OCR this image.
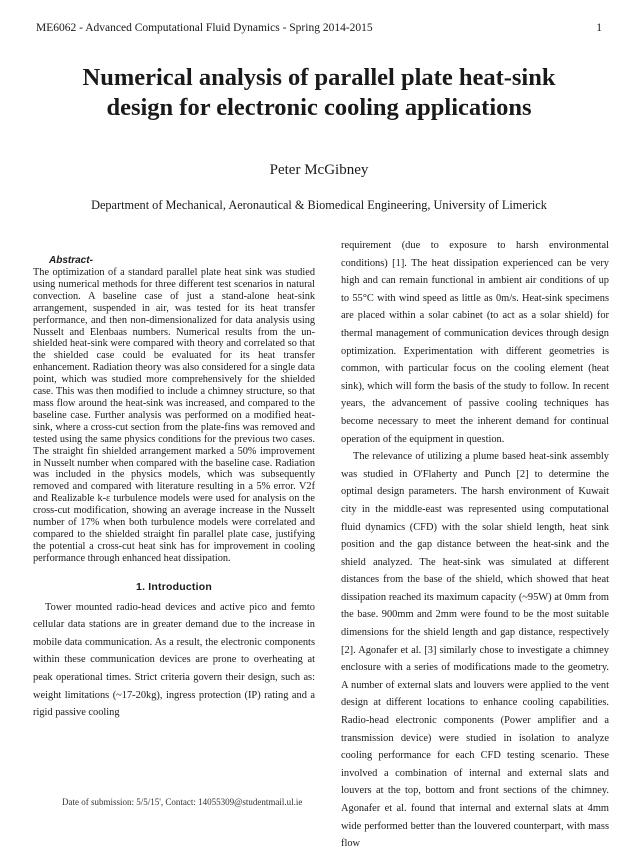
ME6062 - Advanced Computational Fluid Dynamics - Spring 2014-2015	1
Numerical analysis of parallel plate heat-sink design for electronic cooling applications
Peter McGibney
Department of Mechanical, Aeronautical & Biomedical Engineering, University of Limerick
Abstract-

The optimization of a standard parallel plate heat sink was studied using numerical methods for three different test scenarios in natural convection. A baseline case of just a stand-alone heat-sink arrangement, suspended in air, was tested for its heat transfer performance, and then non-dimensionalized for data analysis using Nusselt and Elenbaas numbers. Numerical results from the un-shielded heat-sink were compared with theory and correlated so that the shielded case could be evaluated for its heat transfer enhancement. Radiation theory was also considered for a single data point, which was studied more comprehensively for the shielded case. This was then modified to include a chimney structure, so that mass flow around the heat-sink was increased, and compared to the baseline case. Further analysis was performed on a modified heat-sink, where a cross-cut section from the plate-fins was removed and tested using the same physics conditions for the previous two cases. The straight fin shielded arrangement marked a 50% improvement in Nusselt number when compared with the baseline case. Radiation was included in the physics models, which was subsequently removed and compared with literature resulting in a 5% error. V2f and Realizable k-ε turbulence models were used for analysis on the cross-cut modification, showing an average increase in the Nusselt number of 17% when both turbulence models were correlated and compared to the shielded straight fin parallel plate case, justifying the potential a cross-cut heat sink has for improvement in cooling performance through enhanced heat dissipation.

1. Introduction

Tower mounted radio-head devices and active pico and femto cellular data stations are in greater demand due to the increase in mobile data communication. As a result, the electronic components within these communication devices are prone to overheating at peak operational times. Strict criteria govern their design, such as: weight limitations (~17-20kg), ingress protection (IP) rating and a rigid passive cooling

requirement (due to exposure to harsh environmental conditions) [1]. The heat dissipation experienced can be very high and can remain functional in ambient air conditions of up to 55°C with wind speed as little as 0m/s. Heat-sink specimens are placed within a solar cabinet (to act as a solar shield) for thermal management of communication devices through design optimization. Experimentation with different geometries is common, with particular focus on the cooling element (heat sink), which will form the basis of the study to follow. In recent years, the advancement of passive cooling techniques has become necessary to meet the inherent demand for continual operation of the equipment in question.

The relevance of utilizing a plume based heat-sink assembly was studied in O'Flaherty and Punch [2] to determine the optimal design parameters. The harsh environment of Kuwait city in the middle-east was represented using computational fluid dynamics (CFD) with the solar shield length, heat sink position and the gap distance between the heat-sink and the shield analyzed. The heat-sink was simulated at different distances from the base of the shield, which showed that heat dissipation reached its maximum capacity (~95W) at 0mm from the base. 900mm and 2mm were found to be the most suitable dimensions for the shield length and gap distance, respectively [2]. Agonafer et al. [3] similarly chose to investigate a chimney enclosure with a series of modifications made to the geometry. A number of external slats and louvers were applied to the vent design at different locations to enhance cooling capabilities. Radio-head electronic components (Power amplifier and a transmission device) were studied in isolation to analyze cooling performance for each CFD testing scenario. These involved a combination of internal and external slats and louvers at the top, bottom and front sections of the chimney. Agonafer et al. found that internal and external slats at 4mm wide performed better than the louvered counterpart, with mass flow

Date of submission: 5/5/15', Contact: 14055309@studentmail.ul.ie
